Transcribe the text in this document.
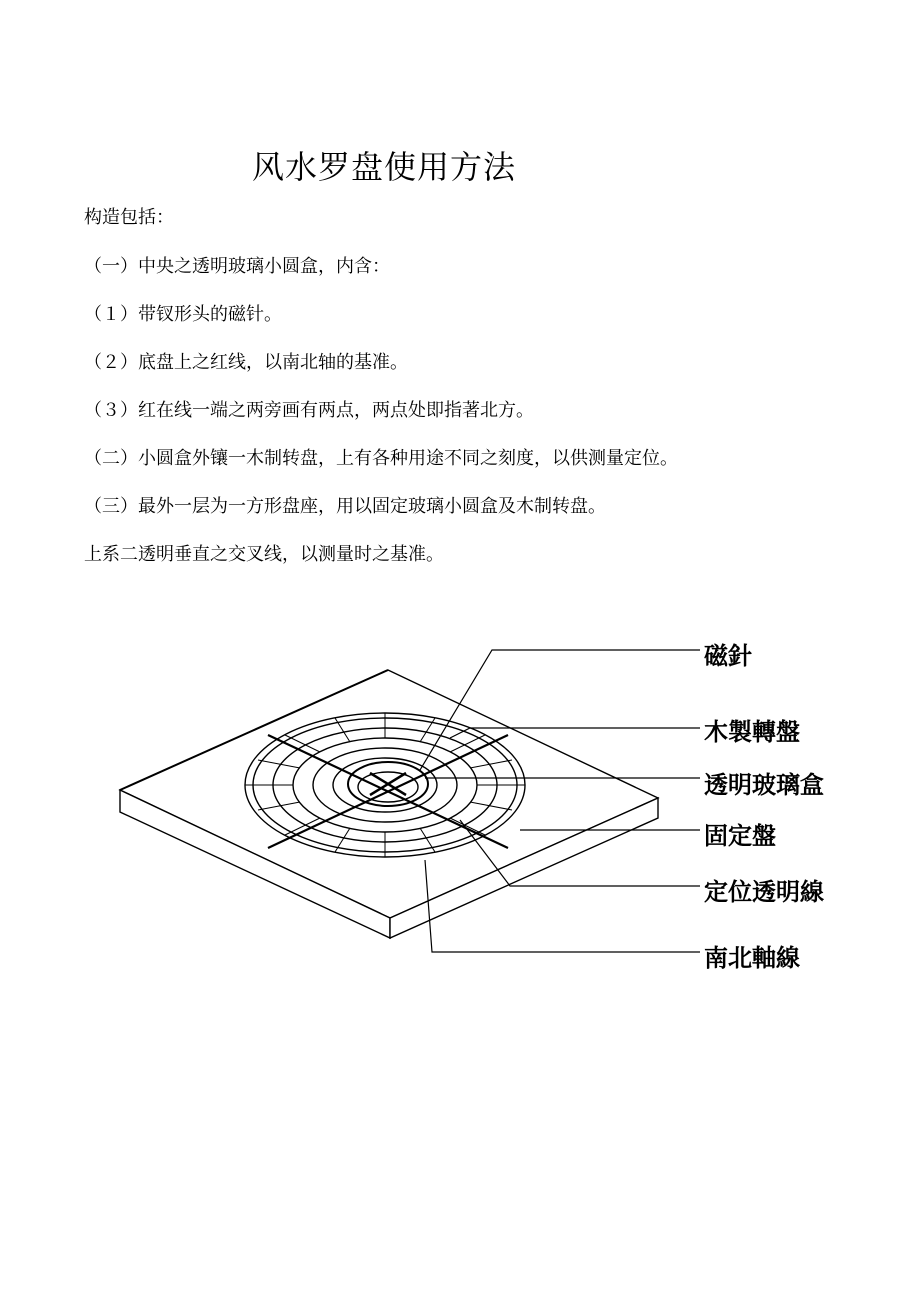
风水罗盘使用方法
构造包括：
（一）中央之透明玻璃小圆盒，内含：
（１）带钗形头的磁针。
（２）底盘上之红线，以南北轴的基准。
（３）红在线一端之两旁画有两点，两点处即指著北方。
（二）小圆盒外镶一木制转盘，上有各种用途不同之刻度，以供测量定位。
（三）最外一层为一方形盘座，用以固定玻璃小圆盒及木制转盘。
上系二透明垂直之交叉线，以测量时之基准。
磁針
木製轉盤
透明玻璃盒
固定盤
定位透明線
南北軸線
